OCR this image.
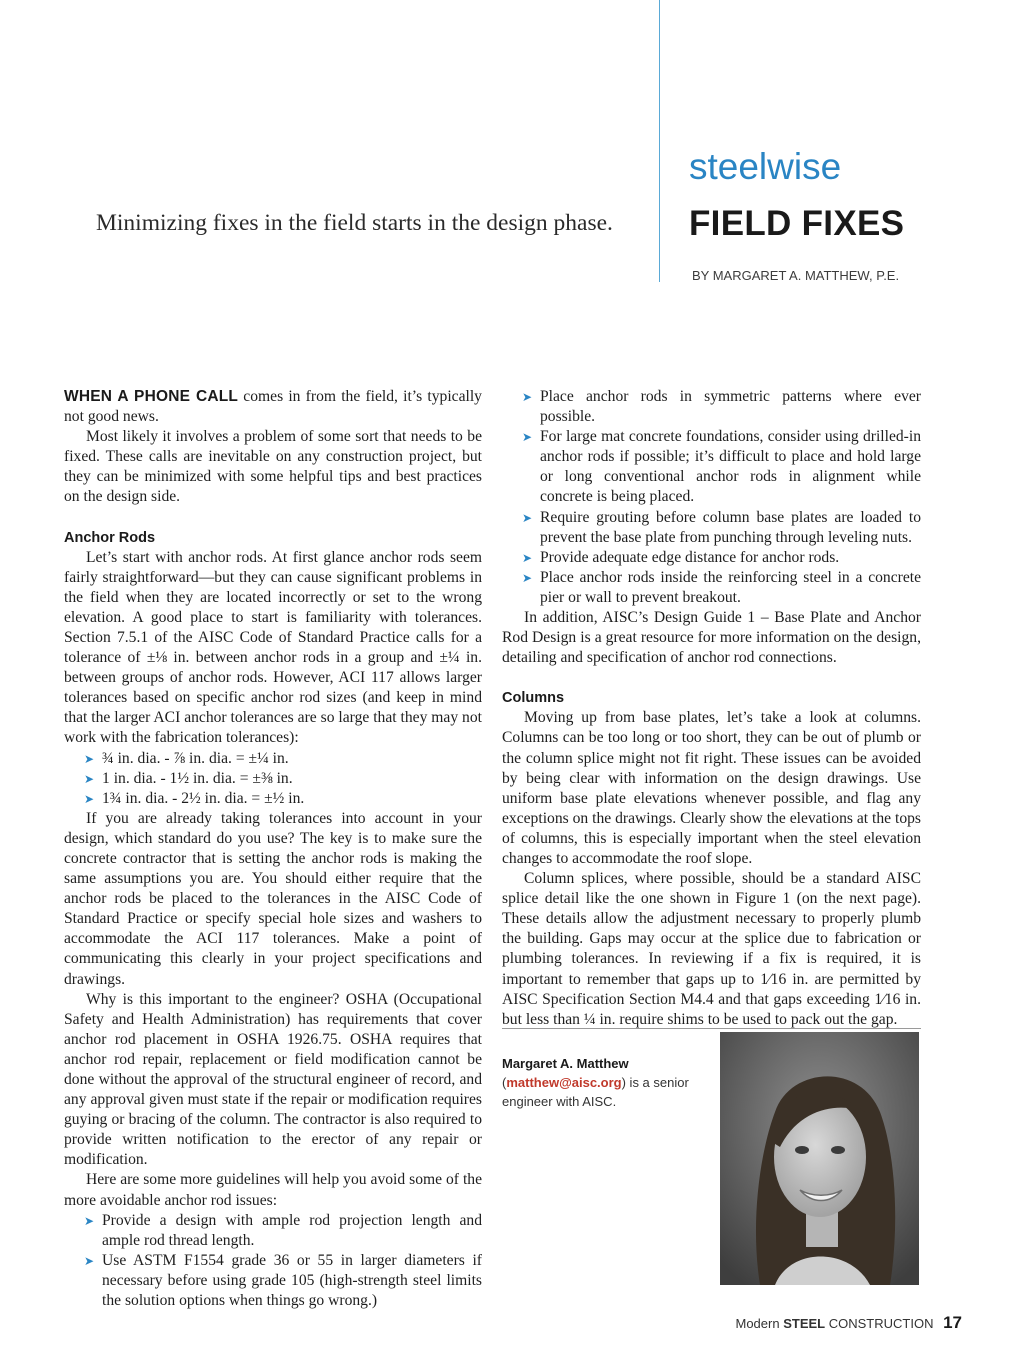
Minimizing fixes in the field starts in the design phase.
steelwise
FIELD FIXES
BY MARGARET A. MATTHEW, P.E.

WHEN A PHONE CALL comes in from the field, it’s typically not good news.

Most likely it involves a problem of some sort that needs to be fixed. These calls are inevitable on any construction project, but they can be minimized with some helpful tips and best practices on the design side.

Anchor Rods

Let’s start with anchor rods. At first glance anchor rods seem fairly straightforward—but they can cause significant problems in the field when they are located incorrectly or set to the wrong elevation. A good place to start is familiarity with tolerances. Section 7.5.1 of the AISC Code of Standard Practice calls for a tolerance of ±⅛ in. between anchor rods in a group and ±¼ in. between groups of anchor rods. However, ACI 117 allows larger tolerances based on specific anchor rod sizes (and keep in mind that the larger ACI anchor tolerances are so large that they may not work with the fabrication tolerances):

➤ ¾ in. dia. - ⅞ in. dia. = ±¼ in.
➤ 1 in. dia. - 1½ in. dia. = ±⅜ in.
➤ 1¾ in. dia. - 2½ in. dia. = ±½ in.

If you are already taking tolerances into account in your design, which standard do you use? The key is to make sure the concrete contractor that is setting the anchor rods is making the same assumptions you are. You should either require that the anchor rods be placed to the tolerances in the AISC Code of Standard Practice or specify special hole sizes and washers to accommodate the ACI 117 tolerances. Make a point of communicating this clearly in your project specifications and drawings.

Why is this important to the engineer? OSHA (Occupational Safety and Health Administration) has requirements that cover anchor rod placement in OSHA 1926.75. OSHA requires that anchor rod repair, replacement or field modification cannot be done without the approval of the structural engineer of record, and any approval given must state if the repair or modification requires guying or bracing of the column. The contractor is also required to provide written notification to the erector of any repair or modification.

Here are some more guidelines will help you avoid some of the more avoidable anchor rod issues:

➤ Provide a design with ample rod projection length and ample rod thread length.
➤ Use ASTM F1554 grade 36 or 55 in larger diameters if necessary before using grade 105 (high-strength steel limits the solution options when things go wrong.)
➤ Place anchor rods in symmetric patterns where ever possible.
➤ For large mat concrete foundations, consider using drilled-in anchor rods if possible; it’s difficult to place and hold large or long conventional anchor rods in alignment while concrete is being placed.
➤ Require grouting before column base plates are loaded to prevent the base plate from punching through leveling nuts.
➤ Provide adequate edge distance for anchor rods.
➤ Place anchor rods inside the reinforcing steel in a concrete pier or wall to prevent breakout.

In addition, AISC’s Design Guide 1 – Base Plate and Anchor Rod Design is a great resource for more information on the design, detailing and specification of anchor rod connections.

Columns

Moving up from base plates, let’s take a look at columns. Columns can be too long or too short, they can be out of plumb or the column splice might not fit right. These issues can be avoided by being clear with information on the design drawings. Use uniform base plate elevations whenever possible, and flag any exceptions on the drawings. Clearly show the elevations at the tops of columns, this is especially important when the steel elevation changes to accommodate the roof slope.

Column splices, where possible, should be a standard AISC splice detail like the one shown in Figure 1 (on the next page). These details allow the adjustment necessary to properly plumb the building. Gaps may occur at the splice due to fabrication or plumbing tolerances. In reviewing if a fix is required, it is important to remember that gaps up to 1⁄16 in. are permitted by AISC Specification Section M4.4 and that gaps exceeding 1⁄16 in. but less than ¼ in. require shims to be used to pack out the gap.

Margaret A. Matthew
(matthew@aisc.org) is a senior engineer with AISC.
Modern STEEL CONSTRUCTION 17
